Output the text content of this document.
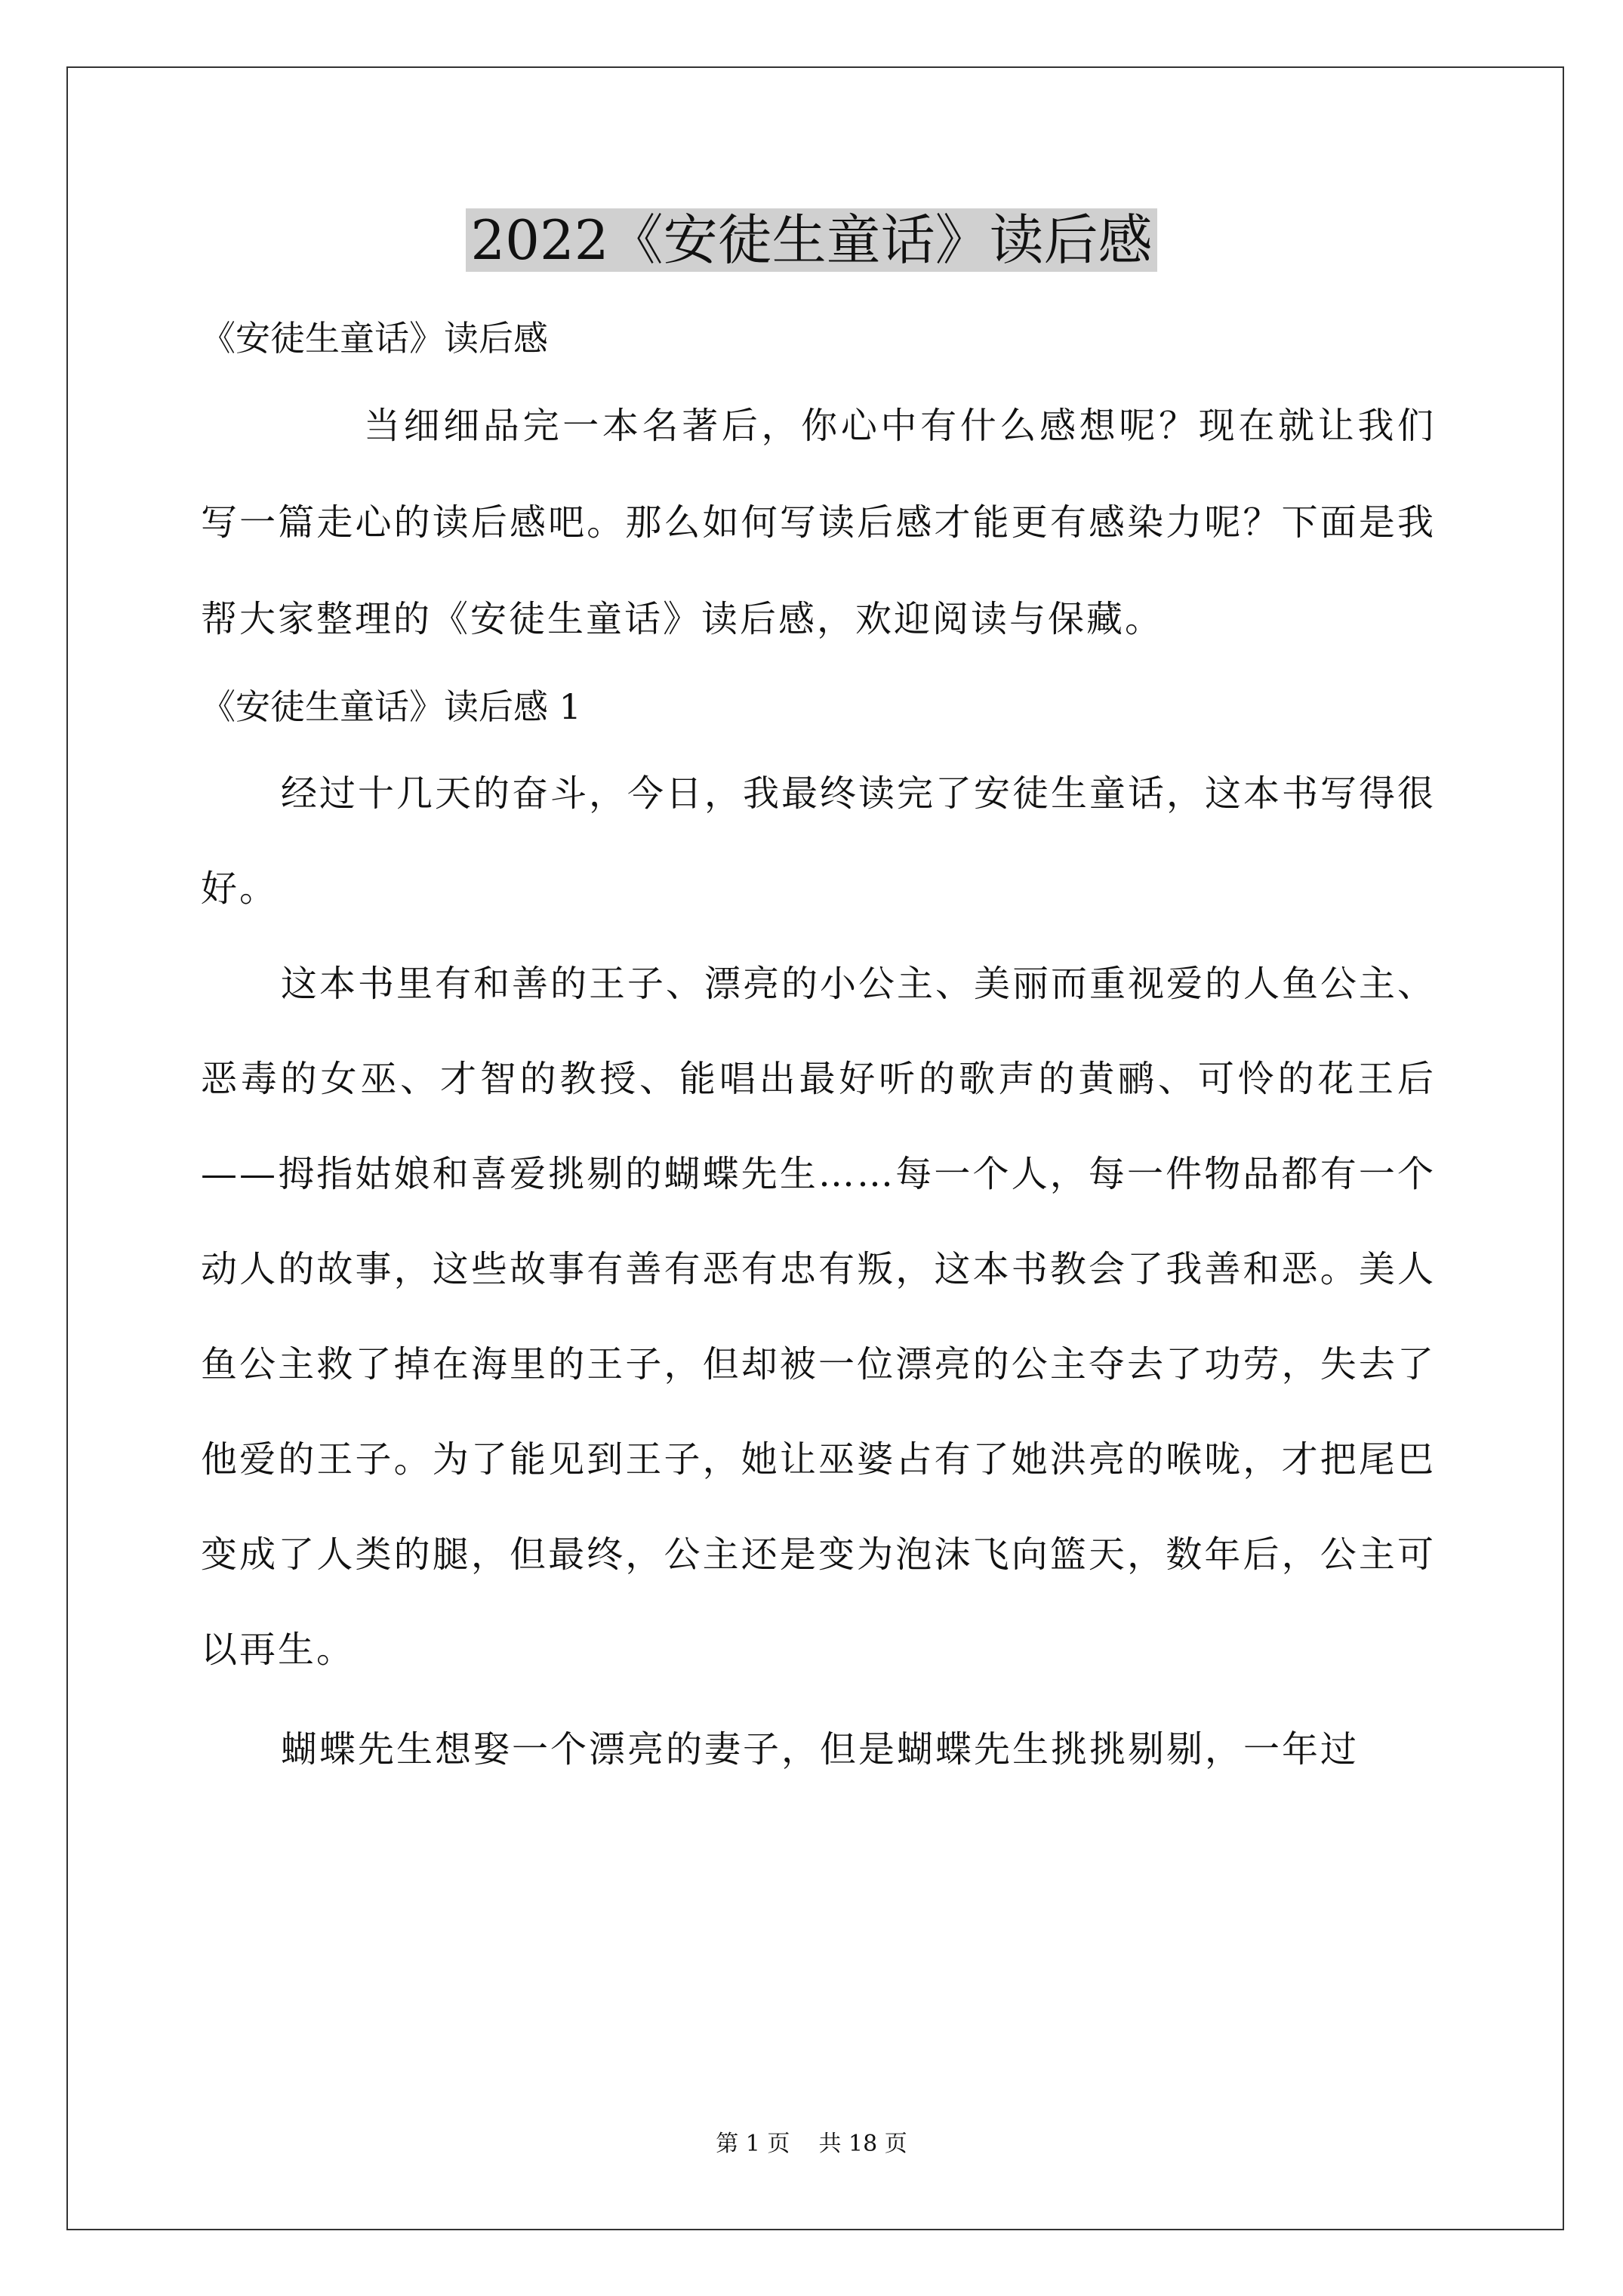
2022《安徒生童话》读后感

《安徒生童话》读后感

当细细品完一本名著后，你心中有什么感想呢？现在就让我们写一篇走心的读后感吧。那么如何写读后感才能更有感染力呢？下面是我帮大家整理的《安徒生童话》读后感，欢迎阅读与保藏。

《安徒生童话》读后感 1

经过十几天的奋斗，今日，我最终读完了安徒生童话，这本书写得很好。

这本书里有和善的王子、漂亮的小公主、美丽而重视爱的人鱼公主、恶毒的女巫、才智的教授、能唱出最好听的歌声的黄鹂、可怜的花王后——拇指姑娘和喜爱挑剔的蝴蝶先生……每一个人，每一件物品都有一个动人的故事，这些故事有善有恶有忠有叛，这本书教会了我善和恶。美人鱼公主救了掉在海里的王子，但却被一位漂亮的公主夺去了功劳，失去了他爱的王子。为了能见到王子，她让巫婆占有了她洪亮的喉咙，才把尾巴变成了人类的腿，但最终，公主还是变为泡沫飞向篮天，数年后，公主可以再生。

蝴蝶先生想娶一个漂亮的妻子，但是蝴蝶先生挑挑剔剔，一年过

第 1 页    共 18 页
